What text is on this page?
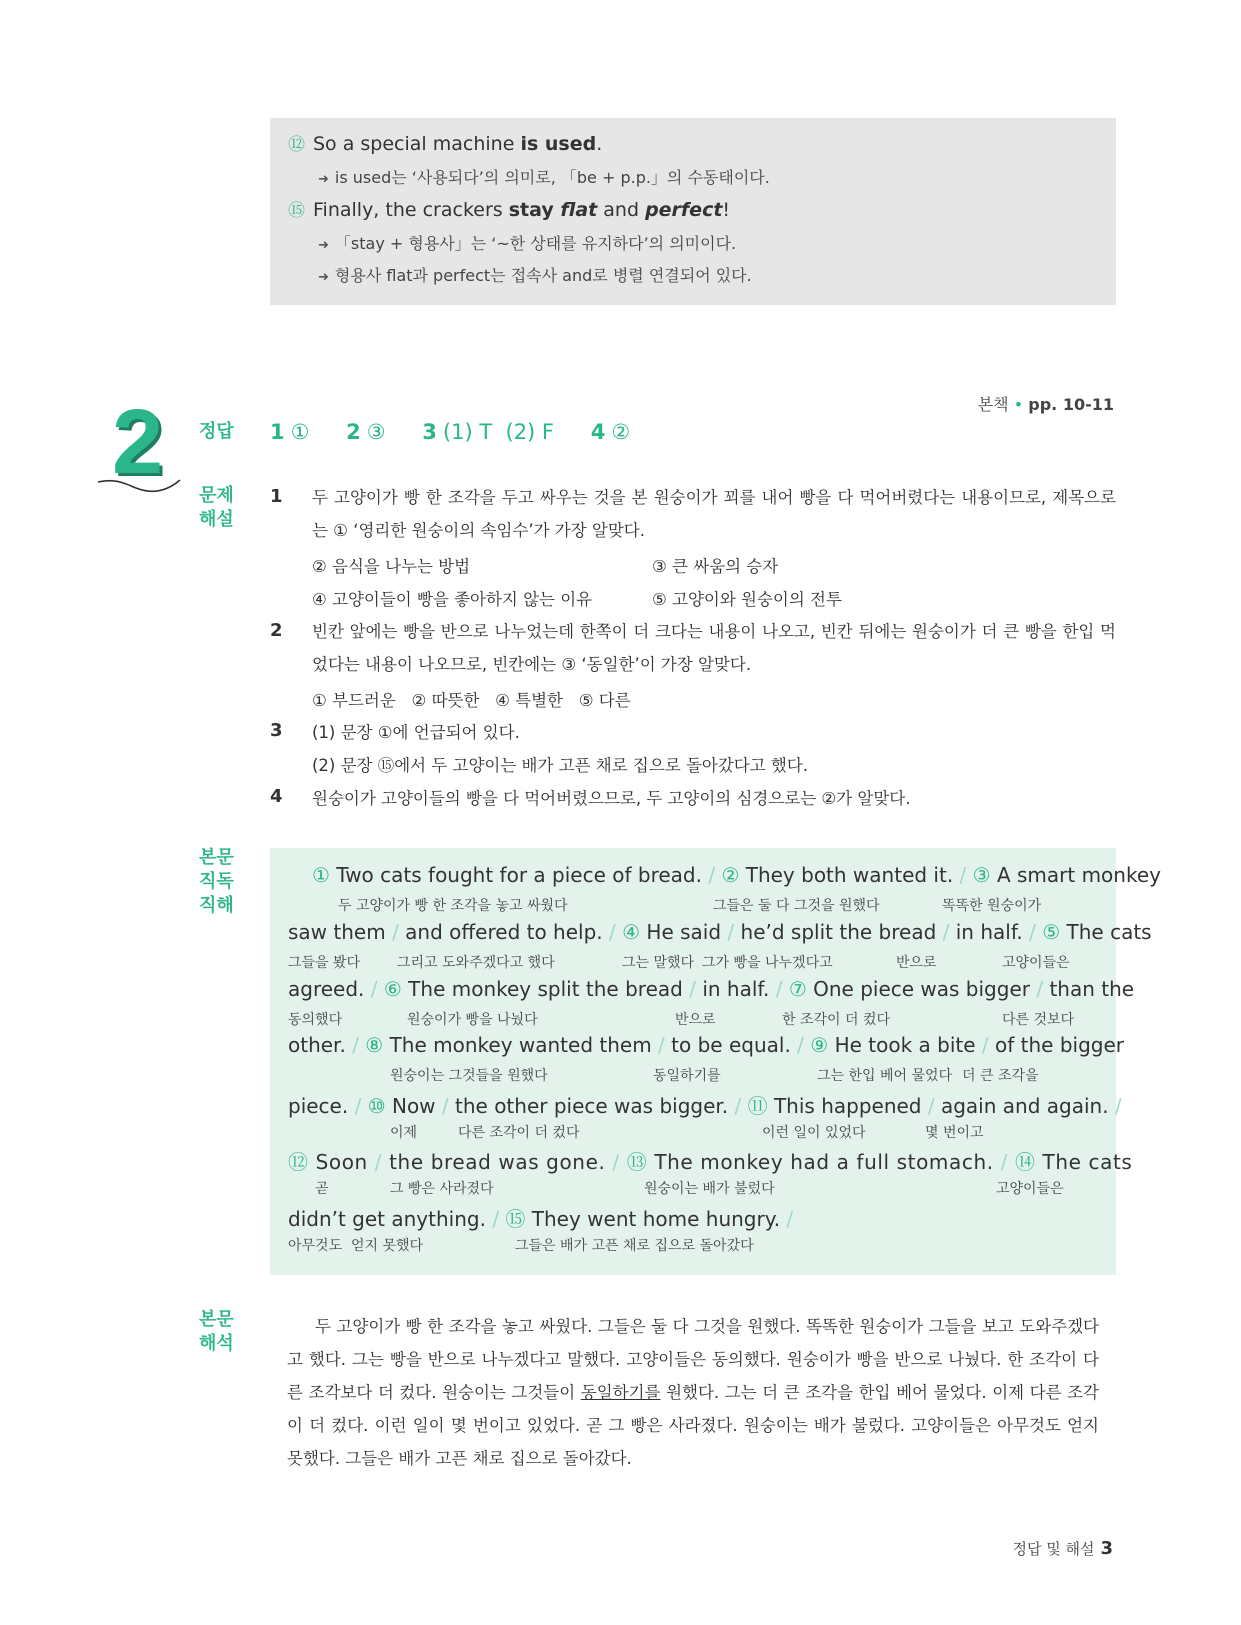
⑫ So a special machine is used.
➜ is used는 ‘사용되다’의 의미로, 「be + p.p.」의 수동태이다.
⑮ Finally, the crackers stay flat and perfect!
➜ 「stay + 형용사」는 ‘~한 상태를 유지하다’의 의미이다.
➜ 형용사 flat과 perfect는 접속사 and로 병렬 연결되어 있다.
2	본책 • pp. 10-11
정답 1 ① 2 ③ 3 (1) T  (2) F 4 ②
문제
해설
1 두 고양이가 빵 한 조각을 두고 싸우는 것을 본 원숭이가 꾀를 내어 빵을 다 먹어버렸다는 내용이므로, 제목으로는 ① ‘영리한 원숭이의 속임수’가 가장 알맞다.
② 음식을 나누는 방법	③ 큰 싸움의 승자
④ 고양이들이 빵을 좋아하지 않는 이유	⑤ 고양이와 원숭이의 전투
2 빈칸 앞에는 빵을 반으로 나누었는데 한쪽이 더 크다는 내용이 나오고, 빈칸 뒤에는 원숭이가 더 큰 빵을 한입 먹었다는 내용이 나오므로, 빈칸에는 ③ ‘동일한’이 가장 알맞다.
① 부드러운   ② 따뜻한   ④ 특별한   ⑤ 다른
3 (1) 문장 ①에 언급되어 있다.
(2) 문장 ⑮에서 두 고양이는 배가 고픈 채로 집으로 돌아갔다고 했다.
4 원숭이가 고양이들의 빵을 다 먹어버렸으므로, 두 고양이의 심경으로는 ②가 알맞다.
본문
직독
직해
① Two cats fought for a piece of bread. / ② They both wanted it. / ③ A smart monkey
두 고양이가 빵 한 조각을 놓고 싸웠다	그들은 둘 다 그것을 원했다	똑똑한 원숭이가
saw them / and offered to help. / ④ He said / he’d split the bread / in half. / ⑤ The cats
그들을 봤다	그리고 도와주겠다고 했다	그는 말했다 그가 빵을 나누겠다고	반으로	고양이들은
agreed. / ⑥ The monkey split the bread / in half. / ⑦ One piece was bigger / than the
동의했다	원숭이가 빵을 나눴다	반으로	한 조각이 더 컸다	다른 것보다
other. / ⑧ The monkey wanted them / to be equal. / ⑨ He took a bite / of the bigger
원숭이는 그것들을 원했다	동일하기를	그는 한입 베어 물었다 더 큰 조각을
piece. / ⑩ Now / the other piece was bigger. / ⑪ This happened / again and again. /
이제	다른 조각이 더 컸다	이런 일이 있었다	몇 번이고
⑫ Soon / the bread was gone. / ⑬ The monkey had a full stomach. / ⑭ The cats
곧	그 빵은 사라졌다	원숭이는 배가 불렀다	고양이들은
didn’t get anything. / ⑮ They went home hungry. /
아무것도  얻지 못했다	그들은 배가 고픈 채로 집으로 돌아갔다
본문
해석
두 고양이가 빵 한 조각을 놓고 싸웠다. 그들은 둘 다 그것을 원했다. 똑똑한 원숭이가 그들을 보고 도와주겠다고 했다. 그는 빵을 반으로 나누겠다고 말했다. 고양이들은 동의했다. 원숭이가 빵을 반으로 나눴다. 한 조각이 다른 조각보다 더 컸다. 원숭이는 그것들이 동일하기를 원했다. 그는 더 큰 조각을 한입 베어 물었다. 이제 다른 조각이 더 컸다. 이런 일이 몇 번이고 있었다. 곧 그 빵은 사라졌다. 원숭이는 배가 불렀다. 고양이들은 아무것도 얻지 못했다. 그들은 배가 고픈 채로 집으로 돌아갔다.
정답 및 해설 3
